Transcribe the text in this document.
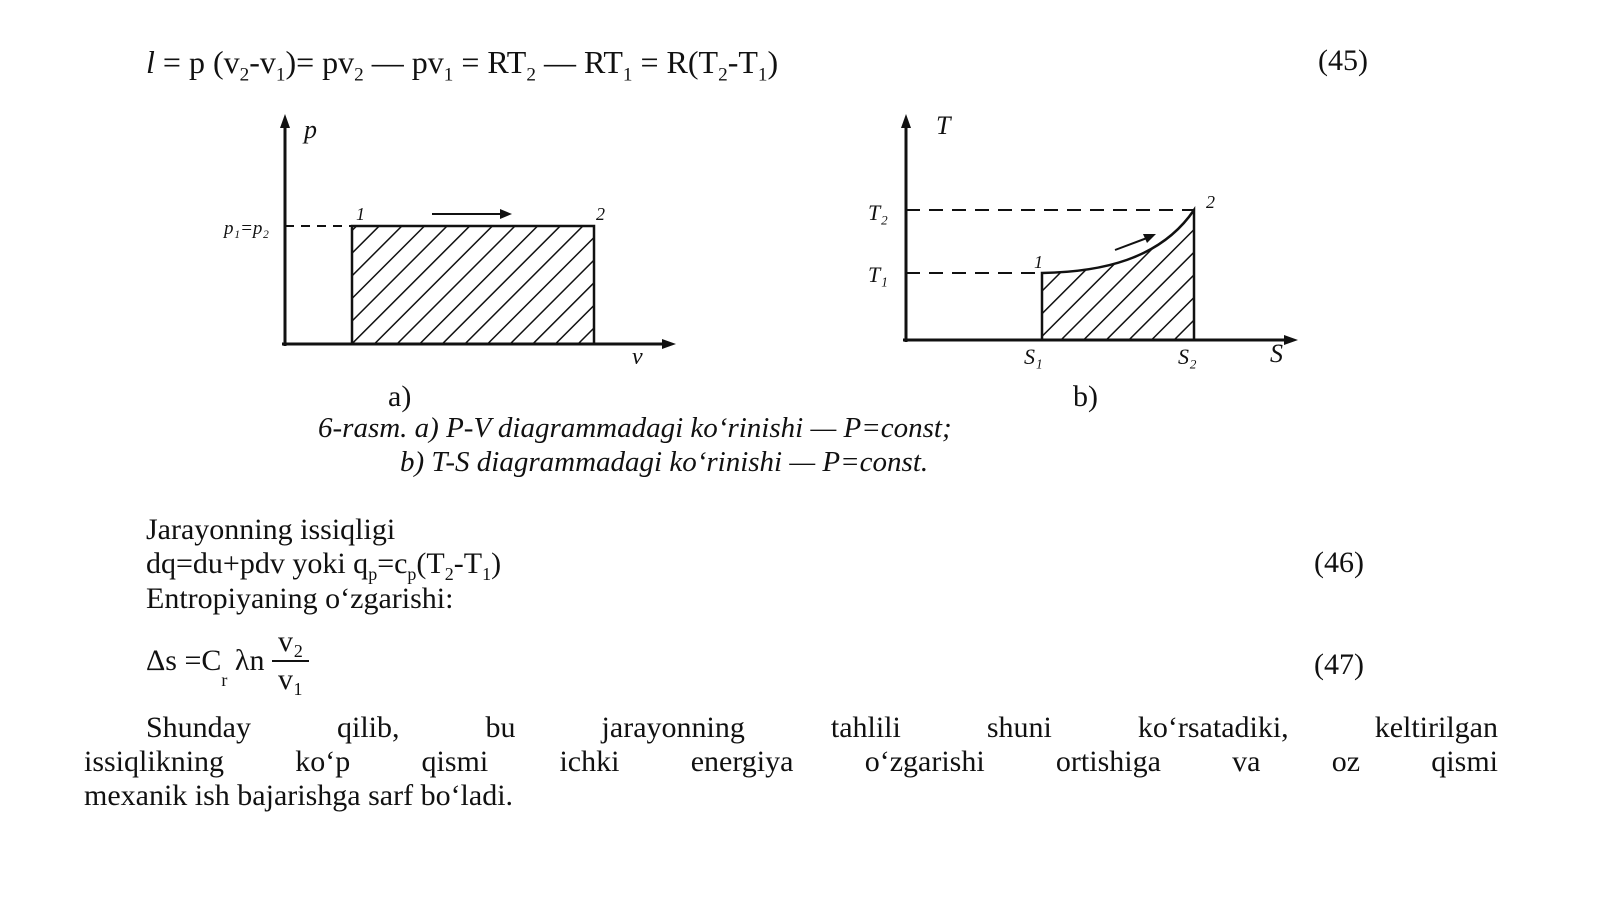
l = p $(v_2-v_1)= pv_2$ — $pv_1 = RT_2$ — $RT_1 = R(T_2-T_1)$	(45)
p
v
p₁=p₂
1	2
a)
T
T₂
T₁	1
2
S₁	S₂	S
b)
6-rasm. a) P-V diagrammadagi ko‘rinishi — P=const;
b) T-S diagrammadagi ko‘rinishi — P=const.
Jarayonning issiqligi
dq=du+pdv yoki $q_p=c_p(T_2-T_1)$	(46)
Entropiyaning o‘zgarishi:
$\Delta s =C_r$ λn $\frac{\text{v₂}}{\text{v₁}}$	(47)
Shunday qilib, bu jarayonning tahlili shuni ko‘rsatadiki, keltirilgan
issiqlikning ko‘p qismi ichki energiya o‘zgarishi ortishiga va oz qismi
mexanik ish bajarishga sarf bo‘ladi.
